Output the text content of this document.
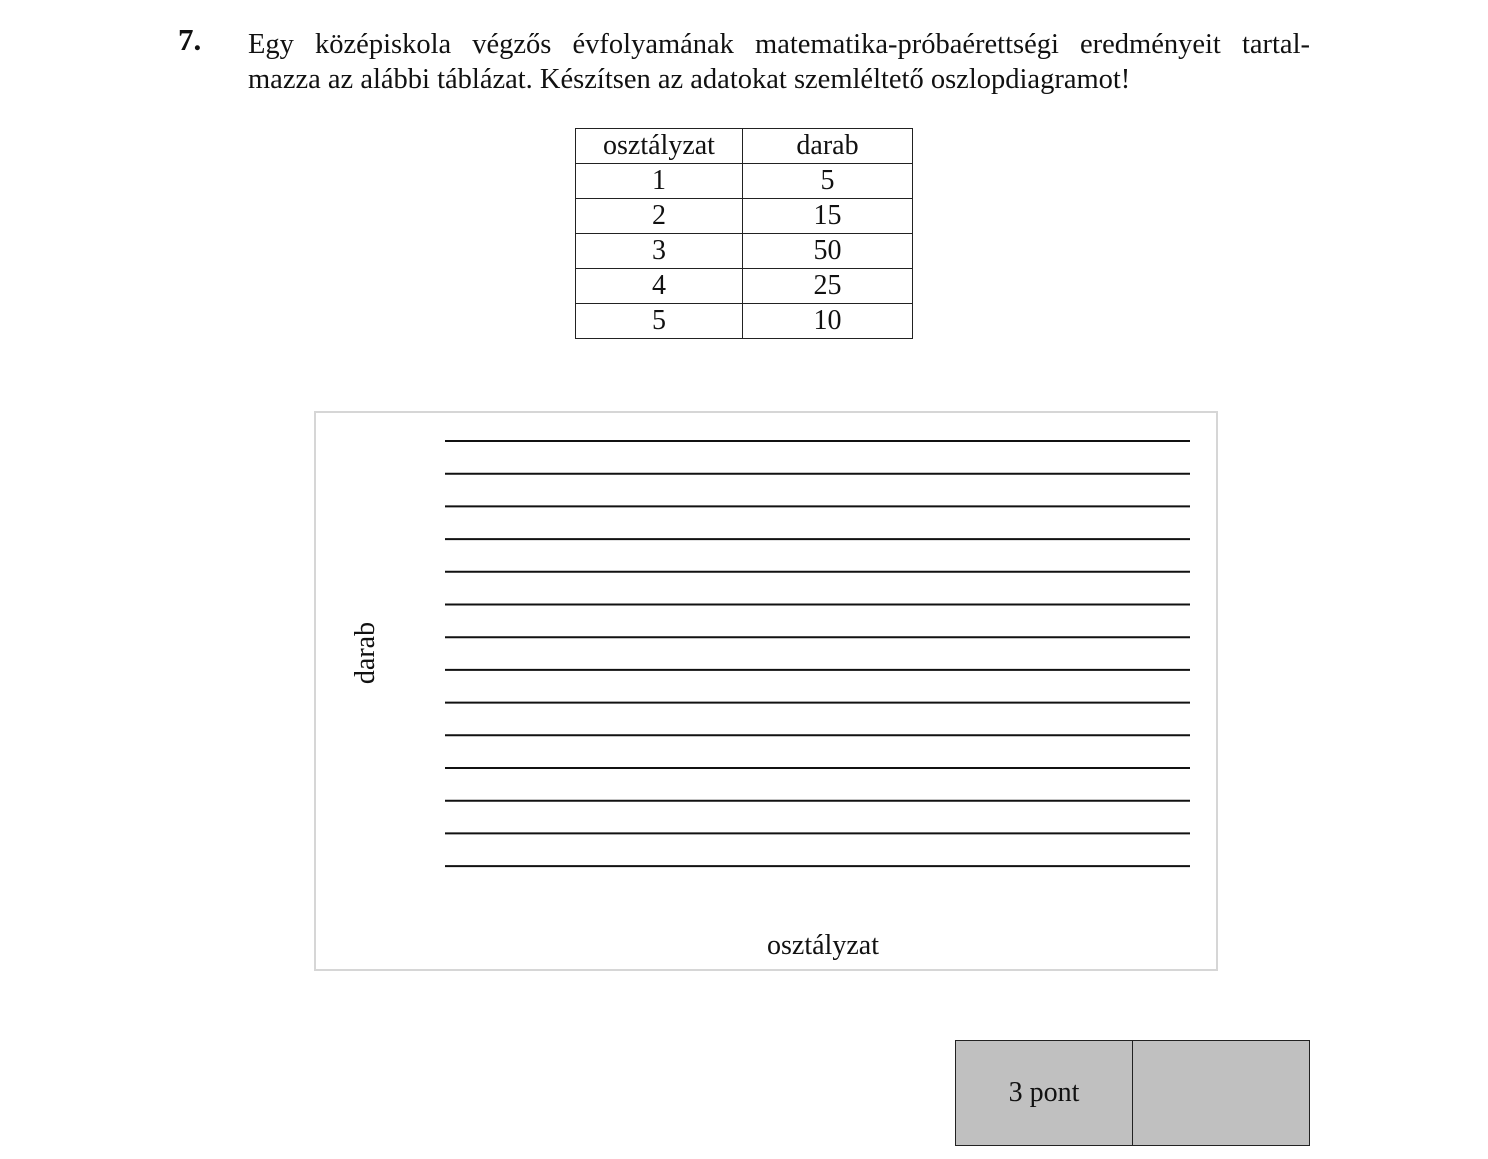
7. Egy középiskola végzős évfolyamának matematika-próbaérettségi eredményeit tartal-
mazza az alábbi táblázat. Készítsen az adatokat szemléltető oszlopdiagramot!
osztályzat	darab
1	5
2	15
3	50
4	25
5	10
darab
osztályzat
3 pont	
